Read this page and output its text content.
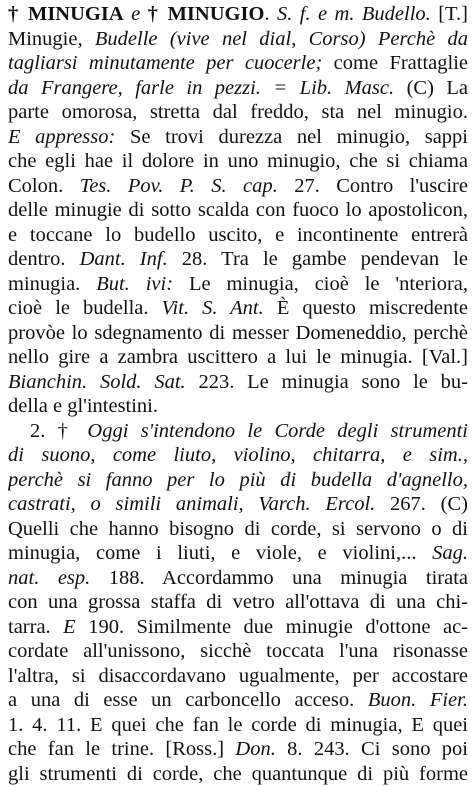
† MINUGIA e † MINUGIO. S. f. e m. Budello. [T.]
Minugie, Budelle (vive nel dial, Corso) Perchè da
tagliarsi minutamente per cuocerle; come Frattaglie
da Frangere, farle in pezzi. = Lib. Masc. (C) La
parte omorosa, stretta dal freddo, sta nel minugio.
E appresso: Se trovi durezza nel minugio, sappi
che egli hae il dolore in uno minugio, che si chiama
Colon. Tes. Pov. P. S. cap. 27. Contro l'uscire
delle minugie di sotto scalda con fuoco lo apostolicon,
e toccane lo budello uscito, e incontinente entrerà
dentro. Dant. Inf. 28. Tra le gambe pendevan le
minugia. But. ivi: Le minugia, cioè le 'nteriora,
cioè le budella. Vit. S. Ant. È questo miscredente
provòe lo sdegnamento di messer Domeneddio, perchè
nello gire a zambra uscittero a lui le minugia. [Val.]
Bianchin. Sold. Sat. 223. Le minugia sono le bu-
della e gl'intestini.
2. † Oggi s'intendono le Corde degli strumenti
di suono, come liuto, violino, chitarra, e sim.,
perchè si fanno per lo più di budella d'agnello,
castrati, o simili animali, Varch. Ercol. 267. (C)
Quelli che hanno bisogno di corde, si servono o di
minugia, come i liuti, e viole, e violini,... Sag.
nat. esp. 188. Accordammo una minugia tirata
con una grossa staffa di vetro all'ottava di una chi-
tarra. E 190. Similmente due minugie d'ottone ac-
cordate all'unissono, sicchè toccata l'una risonasse
l'altra, si disaccordavano ugualmente, per accostare
a una di esse un carboncello acceso. Buon. Fier.
1. 4. 11. E quei che fan le corde di minugia, E quei
che fan le trine. [Ross.] Don. 8. 243. Ci sono poi
gli strumenti di corde, che quantunque di più forme
